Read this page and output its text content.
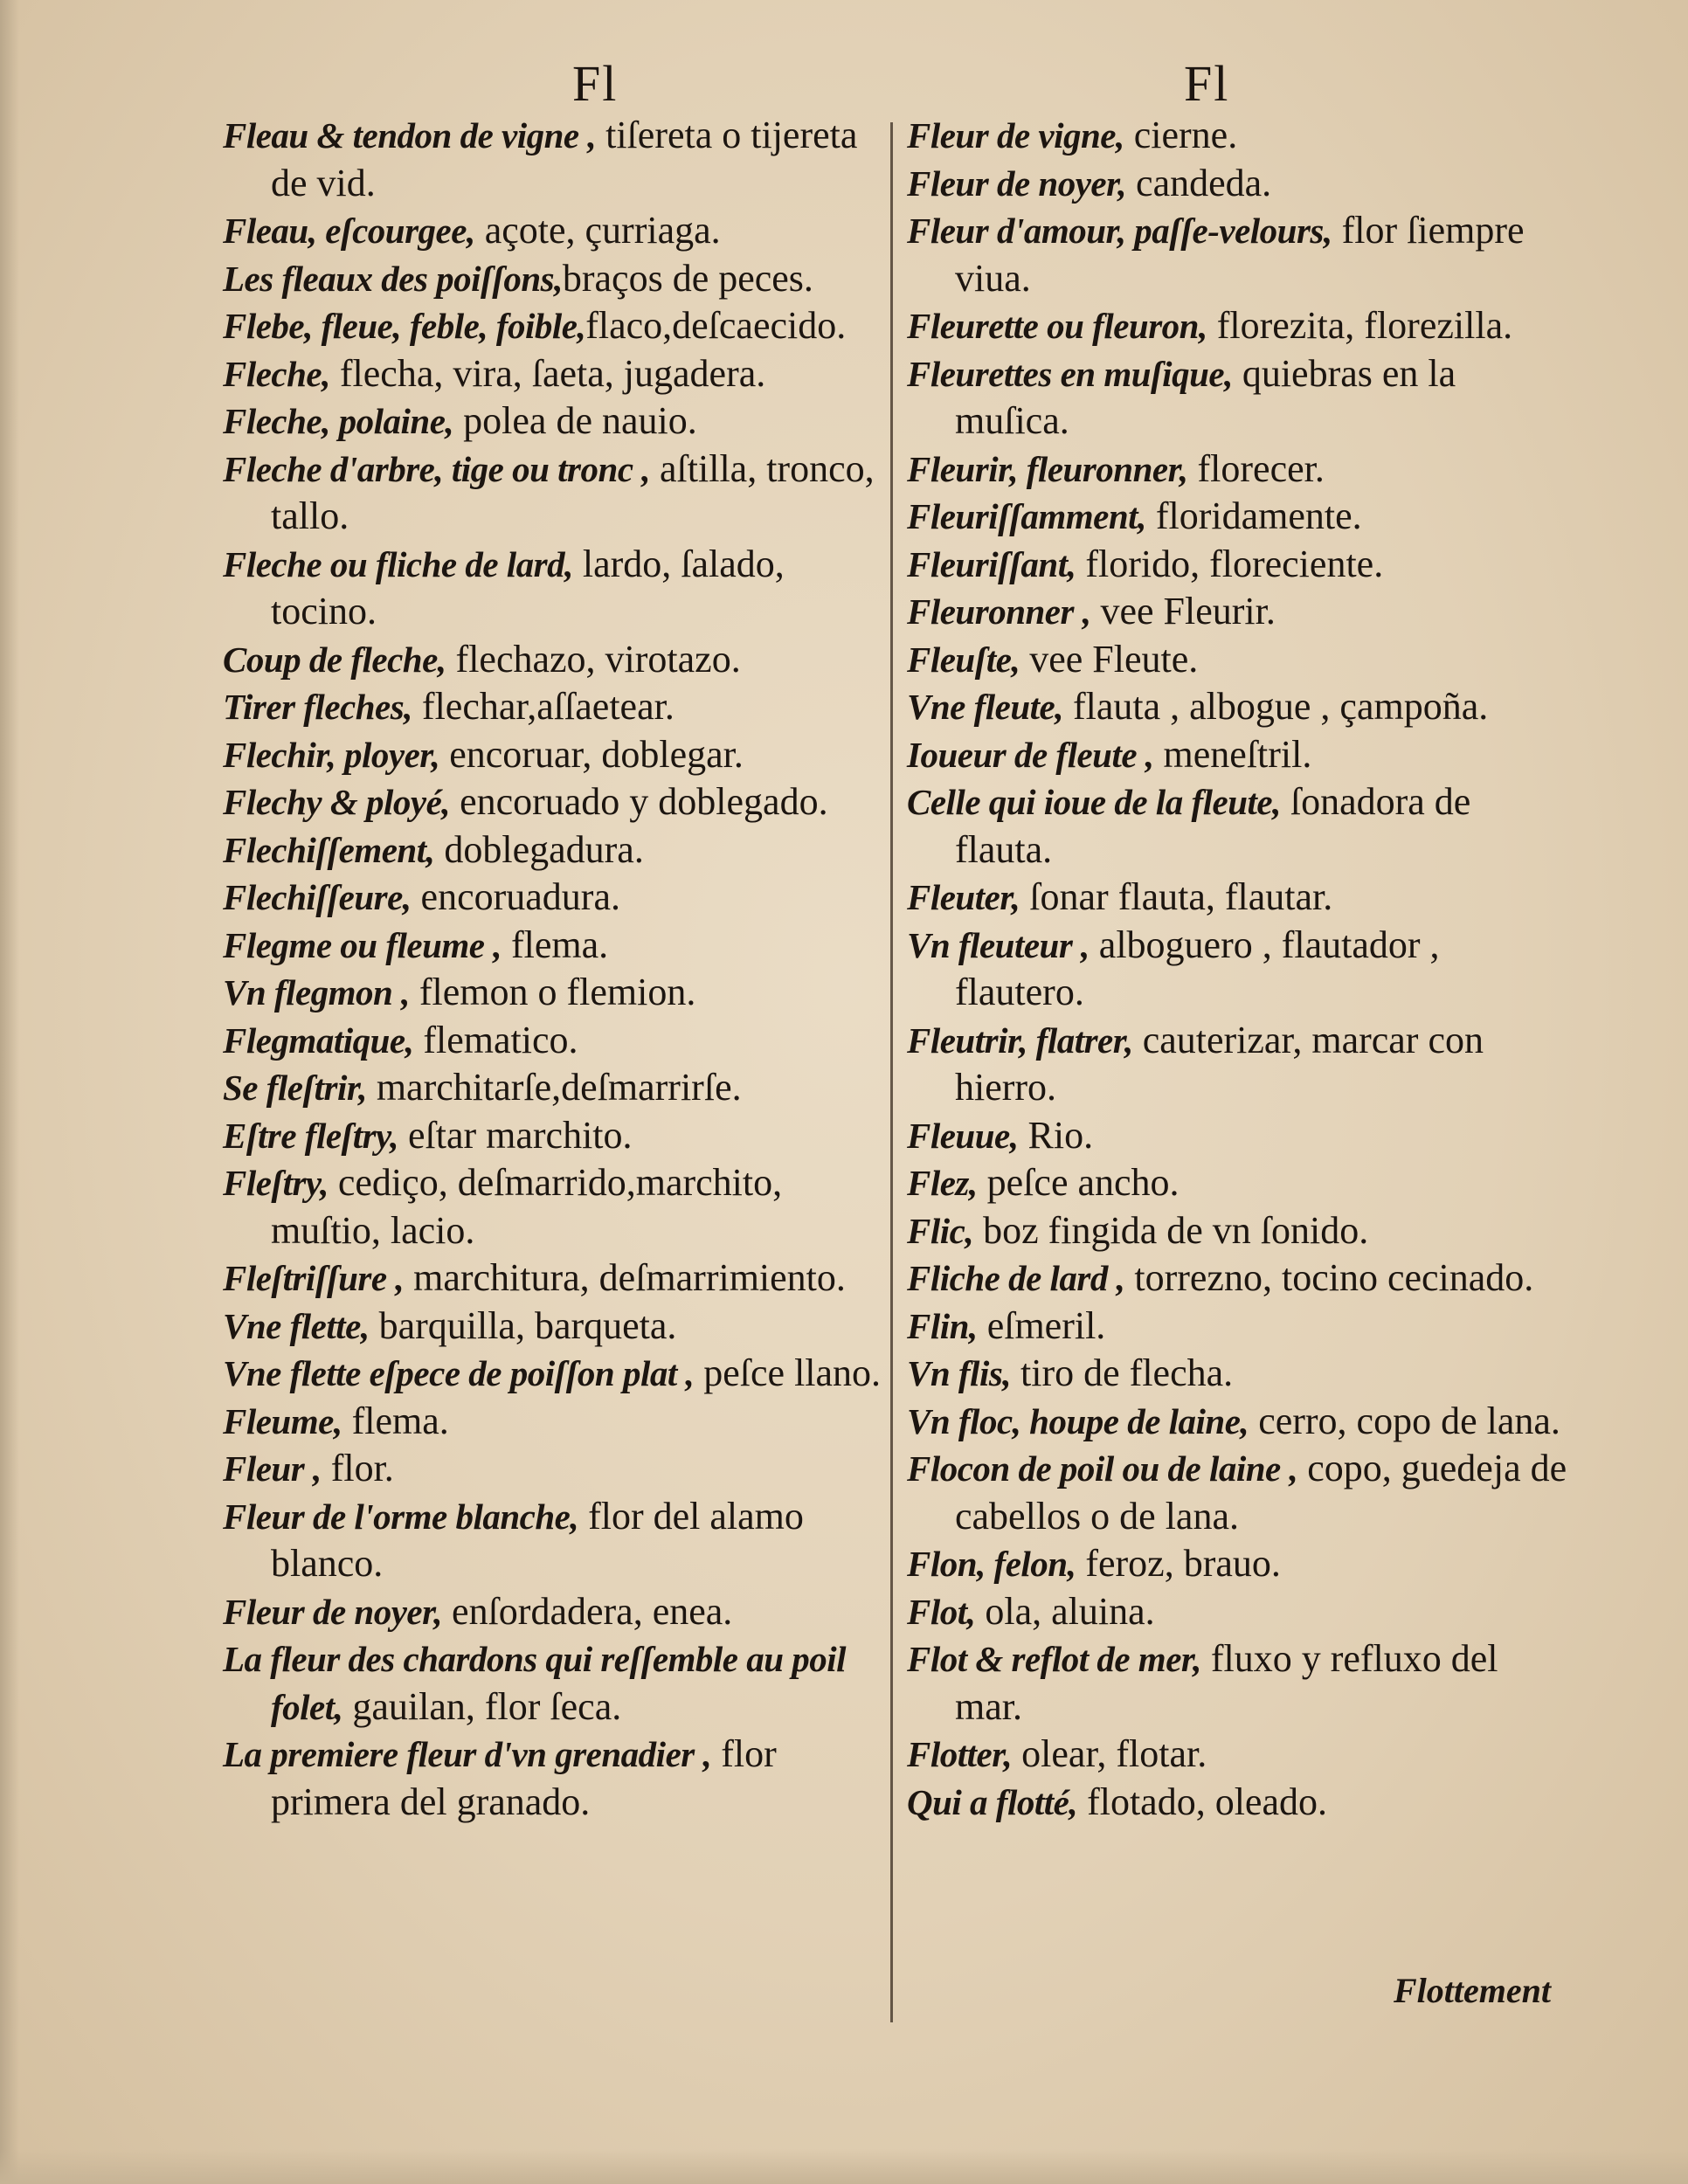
Fl	Fl

Fleau & tendon de vigne , tiſereta o tijereta de vid.

Fleau, eſcourgee, açote, çurriaga.

Les fleaux des poiſſons,braços de peces.

Flebe, fleue, feble, foible,flaco,deſcaecido.

Fleche, flecha, vira, ſaeta, jugadera.

Fleche, polaine, polea de nauio.

Fleche d'arbre, tige ou tronc , aſtilla, tronco, tallo.

Fleche ou fliche de lard, lardo, ſalado, tocino.

Coup de fleche, flechazo, virotazo.

Tirer fleches, flechar,aſſaetear.

Flechir, ployer, encoruar, doblegar.

Flechy & ployé, encoruado y doblegado.

Flechiſſement, doblegadura.

Flechiſſeure, encoruadura.

Flegme ou fleume , flema.

Vn flegmon , flemon o flemion.

Flegmatique, flematico.

Se fleſtrir, marchitarſe,deſmarrirſe.

Eſtre fleſtry, eſtar marchito.

Fleſtry, cediço, deſmarrido,marchito, muſtio, lacio.

Fleſtriſſure , marchitura, deſmarrimiento.

Vne flette, barquilla, barqueta.

Vne flette eſpece de poiſſon plat , peſce llano.

Fleume, flema.

Fleur , flor.

Fleur de l'orme blanche, flor del alamo blanco.

Fleur de noyer, enſordadera, enea.

La fleur des chardons qui reſſemble au poil folet, gauilan, flor ſeca.

La premiere fleur d'vn grenadier , flor primera del granado.

Fleur de vigne, cierne.

Fleur de noyer, candeda.

Fleur d'amour, paſſe-velours, flor ſiempre viua.

Fleurette ou fleuron, florezita, florezilla.

Fleurettes en muſique, quiebras en la muſica.

Fleurir, fleuronner, florecer.

Fleuriſſamment, floridamente.

Fleuriſſant, florido, floreciente.

Fleuronner , vee Fleurir.

Fleuſte, vee Fleute.

Vne fleute, flauta , albogue , çampoña.

Ioueur de fleute , meneſtril.

Celle qui ioue de la fleute, ſonadora de flauta.

Fleuter, ſonar flauta, flautar.

Vn fleuteur , alboguero , flautador , flautero.

Fleutrir, flatrer, cauterizar, marcar con hierro.

Fleuue, Rio.

Flez, peſce ancho.

Flic, boz fingida de vn ſonido.

Fliche de lard , torrezno, tocino cecinado.

Flin, eſmeril.

Vn flis, tiro de flecha.

Vn floc, houpe de laine, cerro, copo de lana.

Flocon de poil ou de laine , copo, guedeja de cabellos o de lana.

Flon, felon, feroz, brauo.

Flot, ola, aluina.

Flot & reflot de mer, fluxo y refluxo del mar.

Flotter, olear, flotar.

Qui a flotté, flotado, oleado.

Flottement
